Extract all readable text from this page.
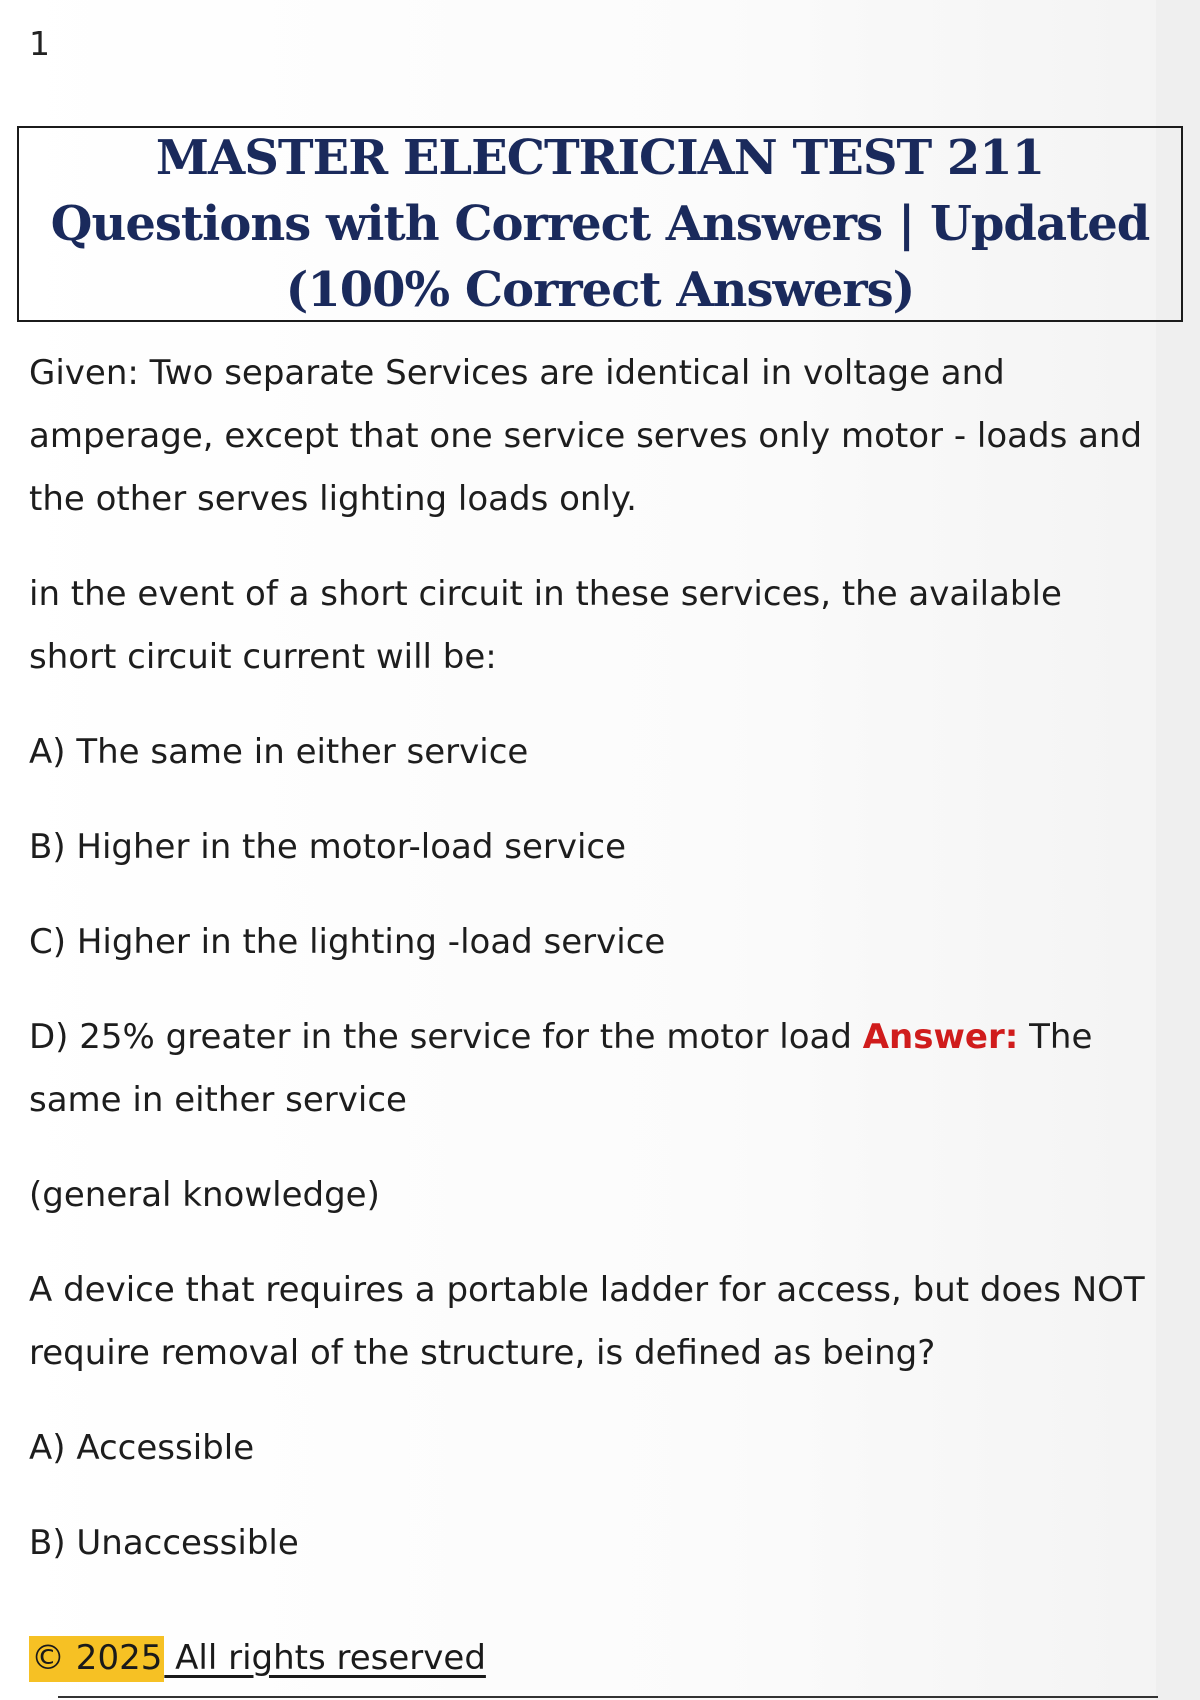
1
MASTER ELECTRICIAN TEST 211
Questions with Correct Answers | Updated
(100% Correct Answers)

Given: Two separate Services are identical in voltage and amperage, except that one service serves only motor - loads and the other serves lighting loads only.

in the event of a short circuit in these services, the available short circuit current will be:

A) The same in either service

B) Higher in the motor-load service

C) Higher in the lighting -load service

D) 25% greater in the service for the motor load Answer: The same in either service

(general knowledge)

A device that requires a portable ladder for access, but does NOT require removal of the structure, is defined as being?

A) Accessible

B) Unaccessible

© 2025 All rights reserved
